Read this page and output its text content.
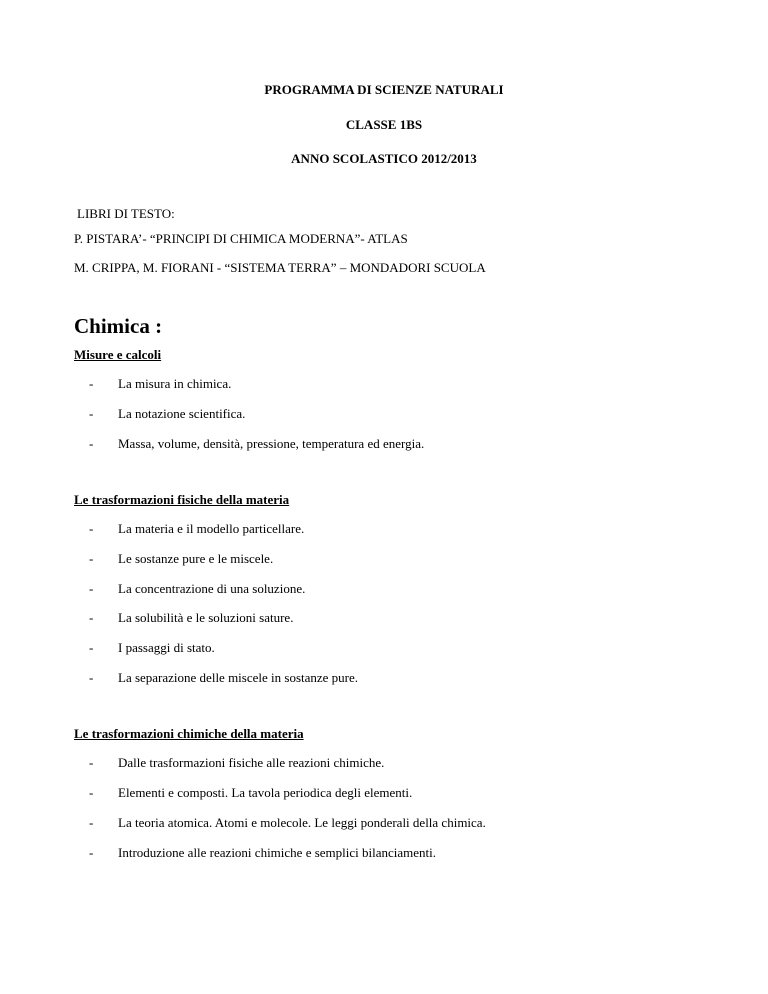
PROGRAMMA DI SCIENZE NATURALI
CLASSE 1BS
ANNO SCOLASTICO 2012/2013
LIBRI DI TESTO:
P. PISTARA’- “PRINCIPI DI CHIMICA MODERNA”- ATLAS
M. CRIPPA, M. FIORANI - “SISTEMA TERRA” – MONDADORI SCUOLA
Chimica :
Misure e calcoli
- La misura in chimica.
- La notazione scientifica.
- Massa, volume, densità, pressione, temperatura ed energia.
Le trasformazioni fisiche della materia
- La materia e il modello particellare.
- Le sostanze pure e le miscele.
- La concentrazione di una soluzione.
- La solubilità e le soluzioni sature.
- I passaggi di stato.
- La separazione delle miscele in sostanze pure.
Le trasformazioni chimiche della materia
- Dalle trasformazioni fisiche alle reazioni chimiche.
- Elementi e composti. La tavola periodica degli elementi.
- La teoria atomica. Atomi e molecole. Le leggi ponderali della chimica.
- Introduzione alle reazioni chimiche e semplici bilanciamenti.
